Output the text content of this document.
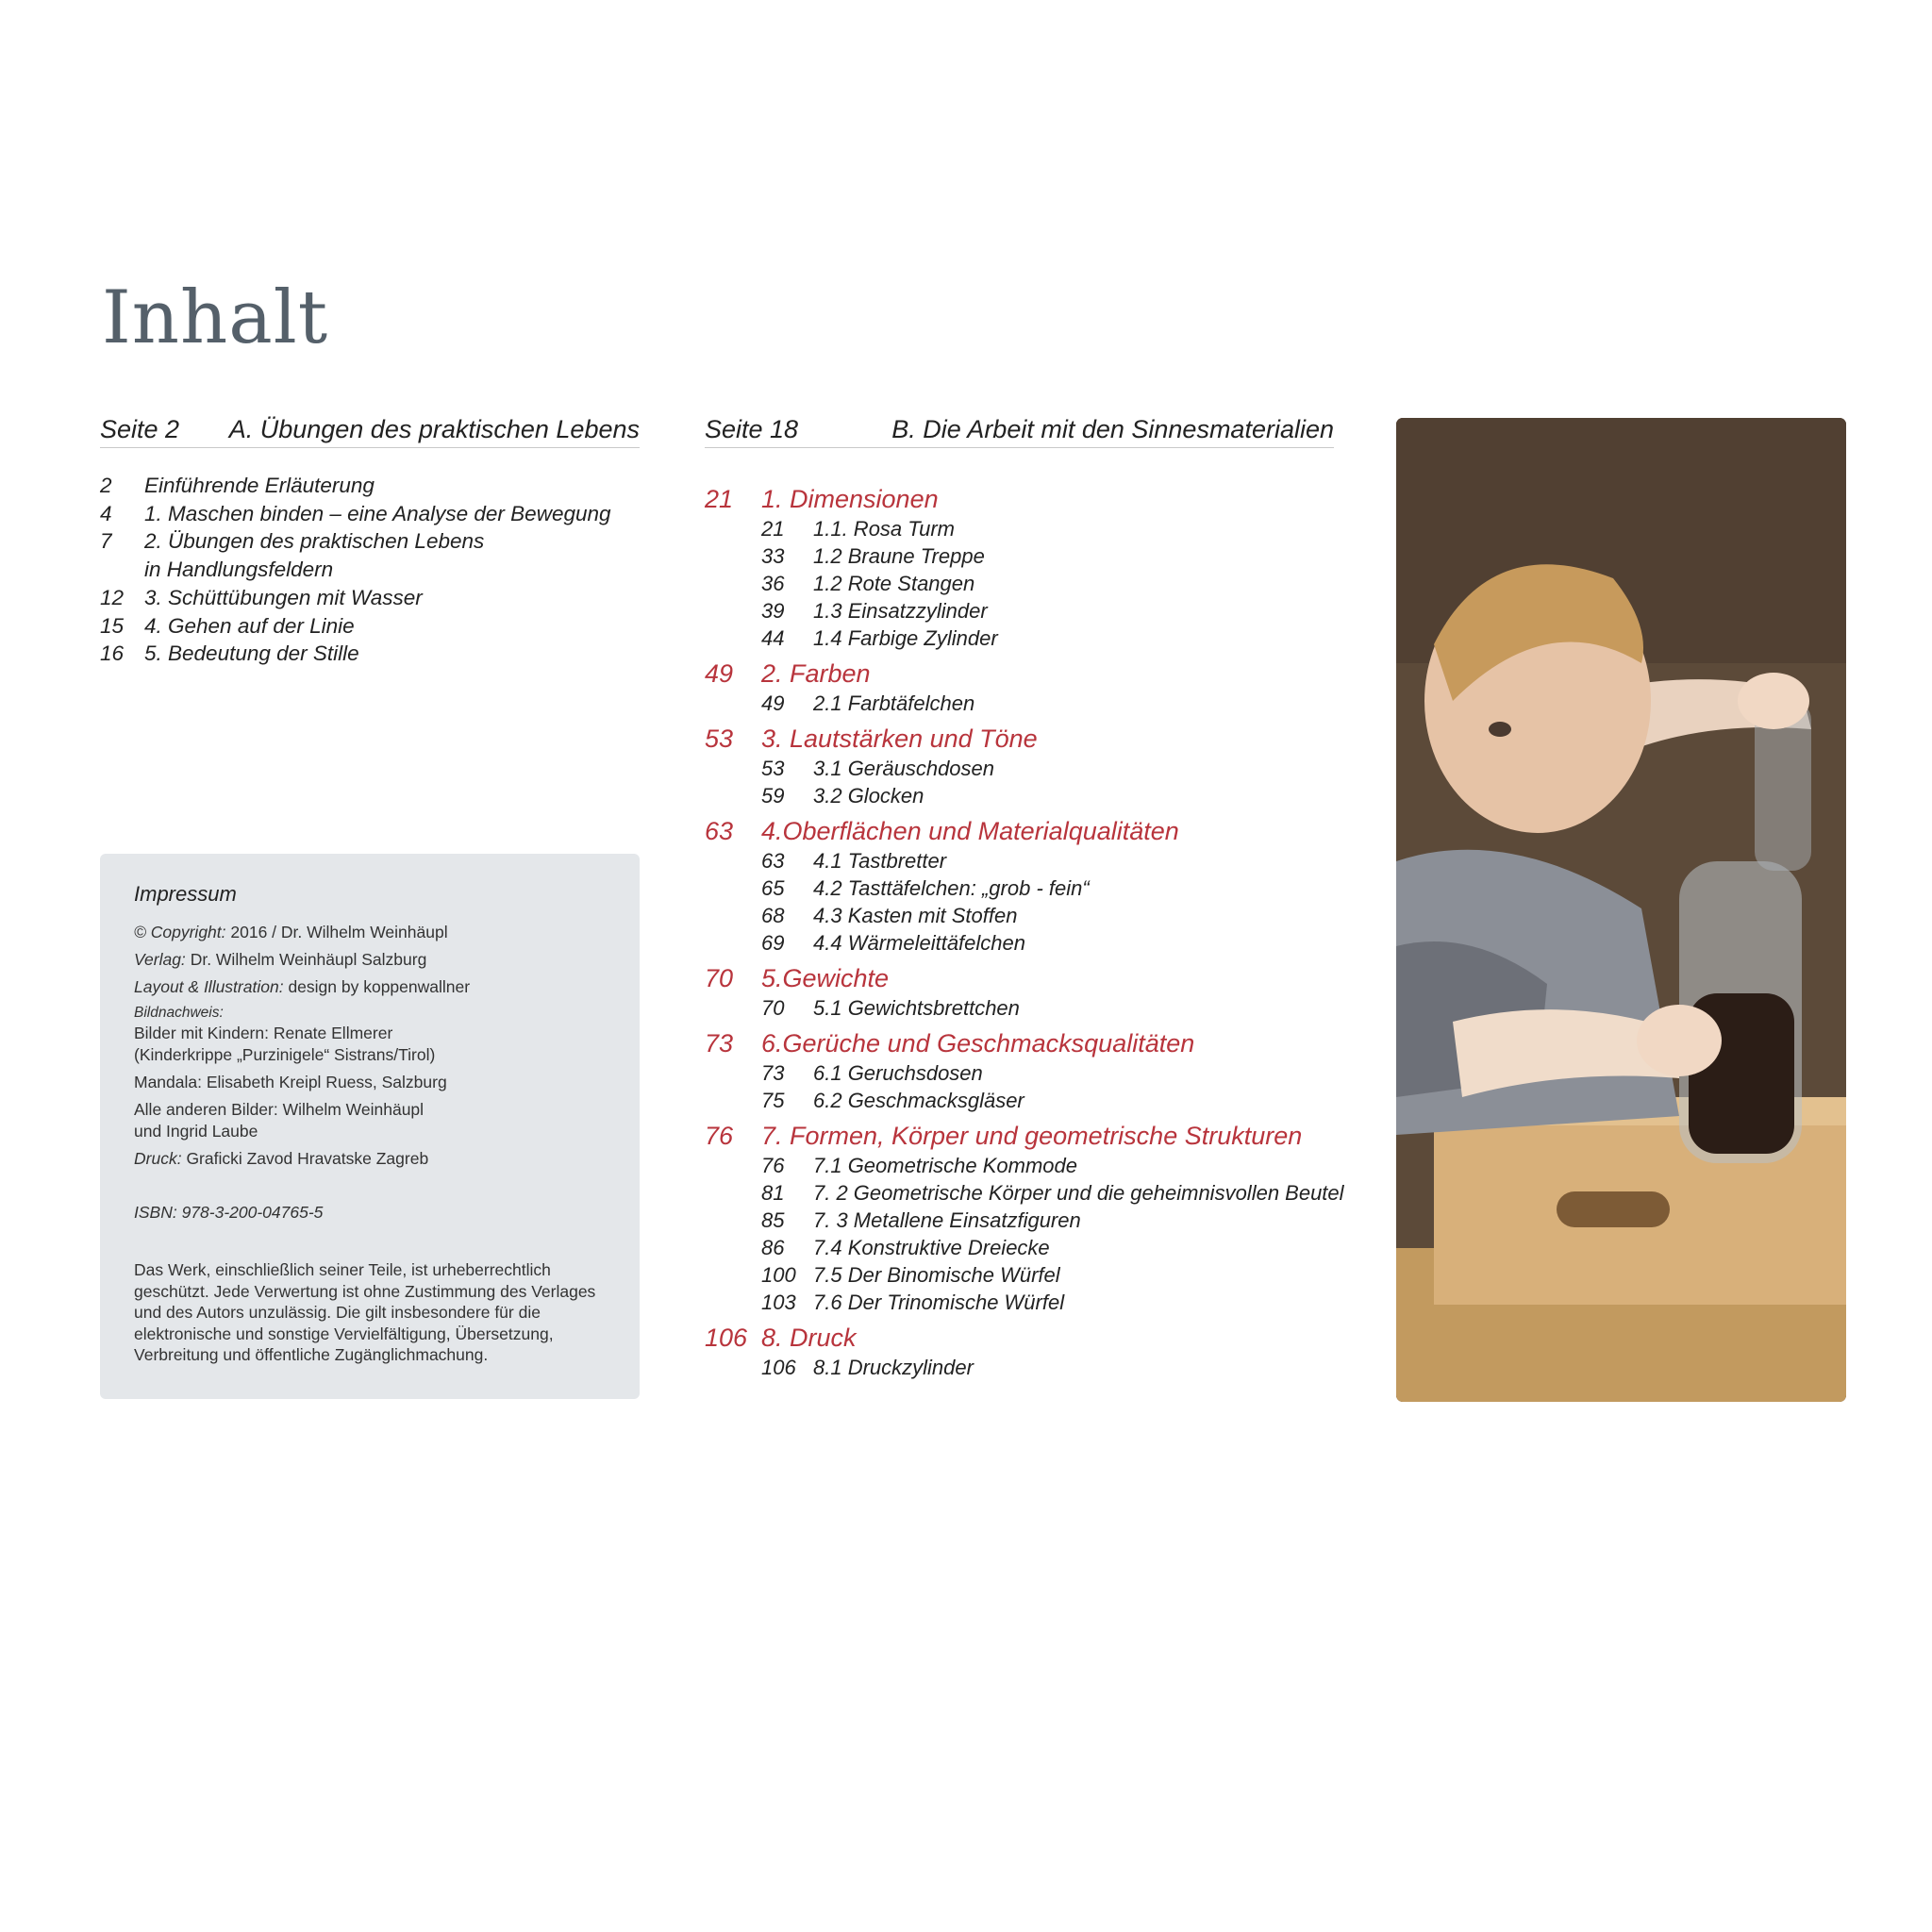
Inhalt
Seite 2 A. Übungen des praktischen Lebens
2	Einführende Erläuterung
4	1. Maschen binden – eine Analyse der Bewegung
7	2. Übungen des praktischen Lebens
in Handlungsfeldern
12 3. Schüttübungen mit Wasser
15 4. Gehen auf der Linie
16 5. Bedeutung der Stille
Seite 18	B. Die Arbeit mit den Sinnesmaterialien
21	1. Dimensionen
21	1.1. Rosa Turm
33	1.2 Braune Treppe
36	1.2 Rote Stangen
39	1.3 Einsatzzylinder
44	1.4 Farbige Zylinder
49	2. Farben
49	2.1 Farbtäfelchen
53	3. Lautstärken und Töne
53	3.1 Geräuschdosen
59	3.2 Glocken
63	4.Oberflächen und Materialqualitäten
63	4.1 Tastbretter
65	4.2 Tasttäfelchen: „grob - fein“
68	4.3 Kasten mit Stoffen
69	4.4 Wärmeleittäfelchen
70	5.Gewichte
70	5.1 Gewichtsbrettchen
73	6.Gerüche und Geschmacksqualitäten
73	6.1 Geruchsdosen
75	6.2 Geschmacksgläser
76	7. Formen, Körper und geometrische Strukturen
76	7.1 Geometrische Kommode
81	7. 2 Geometrische Körper und die geheimnisvollen Beutel
85	7. 3 Metallene Einsatzfiguren
86	7.4 Konstruktive Dreiecke
100 7.5 Der Binomische Würfel
103 7.6 Der Trinomische Würfel
106 8. Druck
106 8.1 Druckzylinder
Impressum
© Copyright: 2016 / Dr. Wilhelm Weinhäupl
Verlag: Dr. Wilhelm Weinhäupl Salzburg
Layout & Illustration: design by koppenwallner
Bildnachweis:
Bilder mit Kindern: Renate Ellmerer
(Kinderkrippe „Purzinigele“ Sistrans/Tirol)
Mandala: Elisabeth Kreipl Ruess, Salzburg
Alle anderen Bilder: Wilhelm Weinhäupl
und Ingrid Laube
Druck: Graficki Zavod Hravatske Zagreb
ISBN: 978-3-200-04765-5
Das Werk, einschließlich seiner Teile, ist urheberrechtlich
geschützt. Jede Verwertung ist ohne Zustimmung des Verlages
und des Autors unzulässig. Die gilt insbesondere für die
elektronische und sonstige Vervielfältigung, Übersetzung,
Verbreitung und öffentliche Zugänglichmachung.
